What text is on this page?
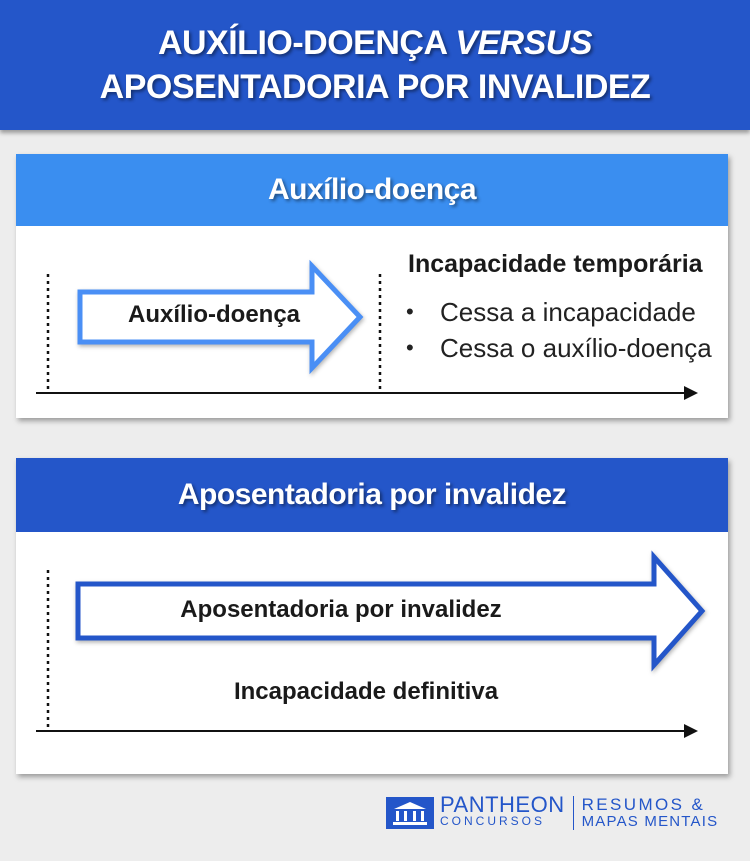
AUXÍLIO-DOENÇA VERSUS
APOSENTADORIA POR INVALIDEZ
Auxílio-doença
Auxílio-doença
Incapacidade temporária
• Cessa a incapacidade
• Cessa o auxílio-doença
Aposentadoria por invalidez
Aposentadoria por invalidez
Incapacidade definitiva
PANTHEON
CONCURSOS
RESUMOS &
MAPAS MENTAIS
